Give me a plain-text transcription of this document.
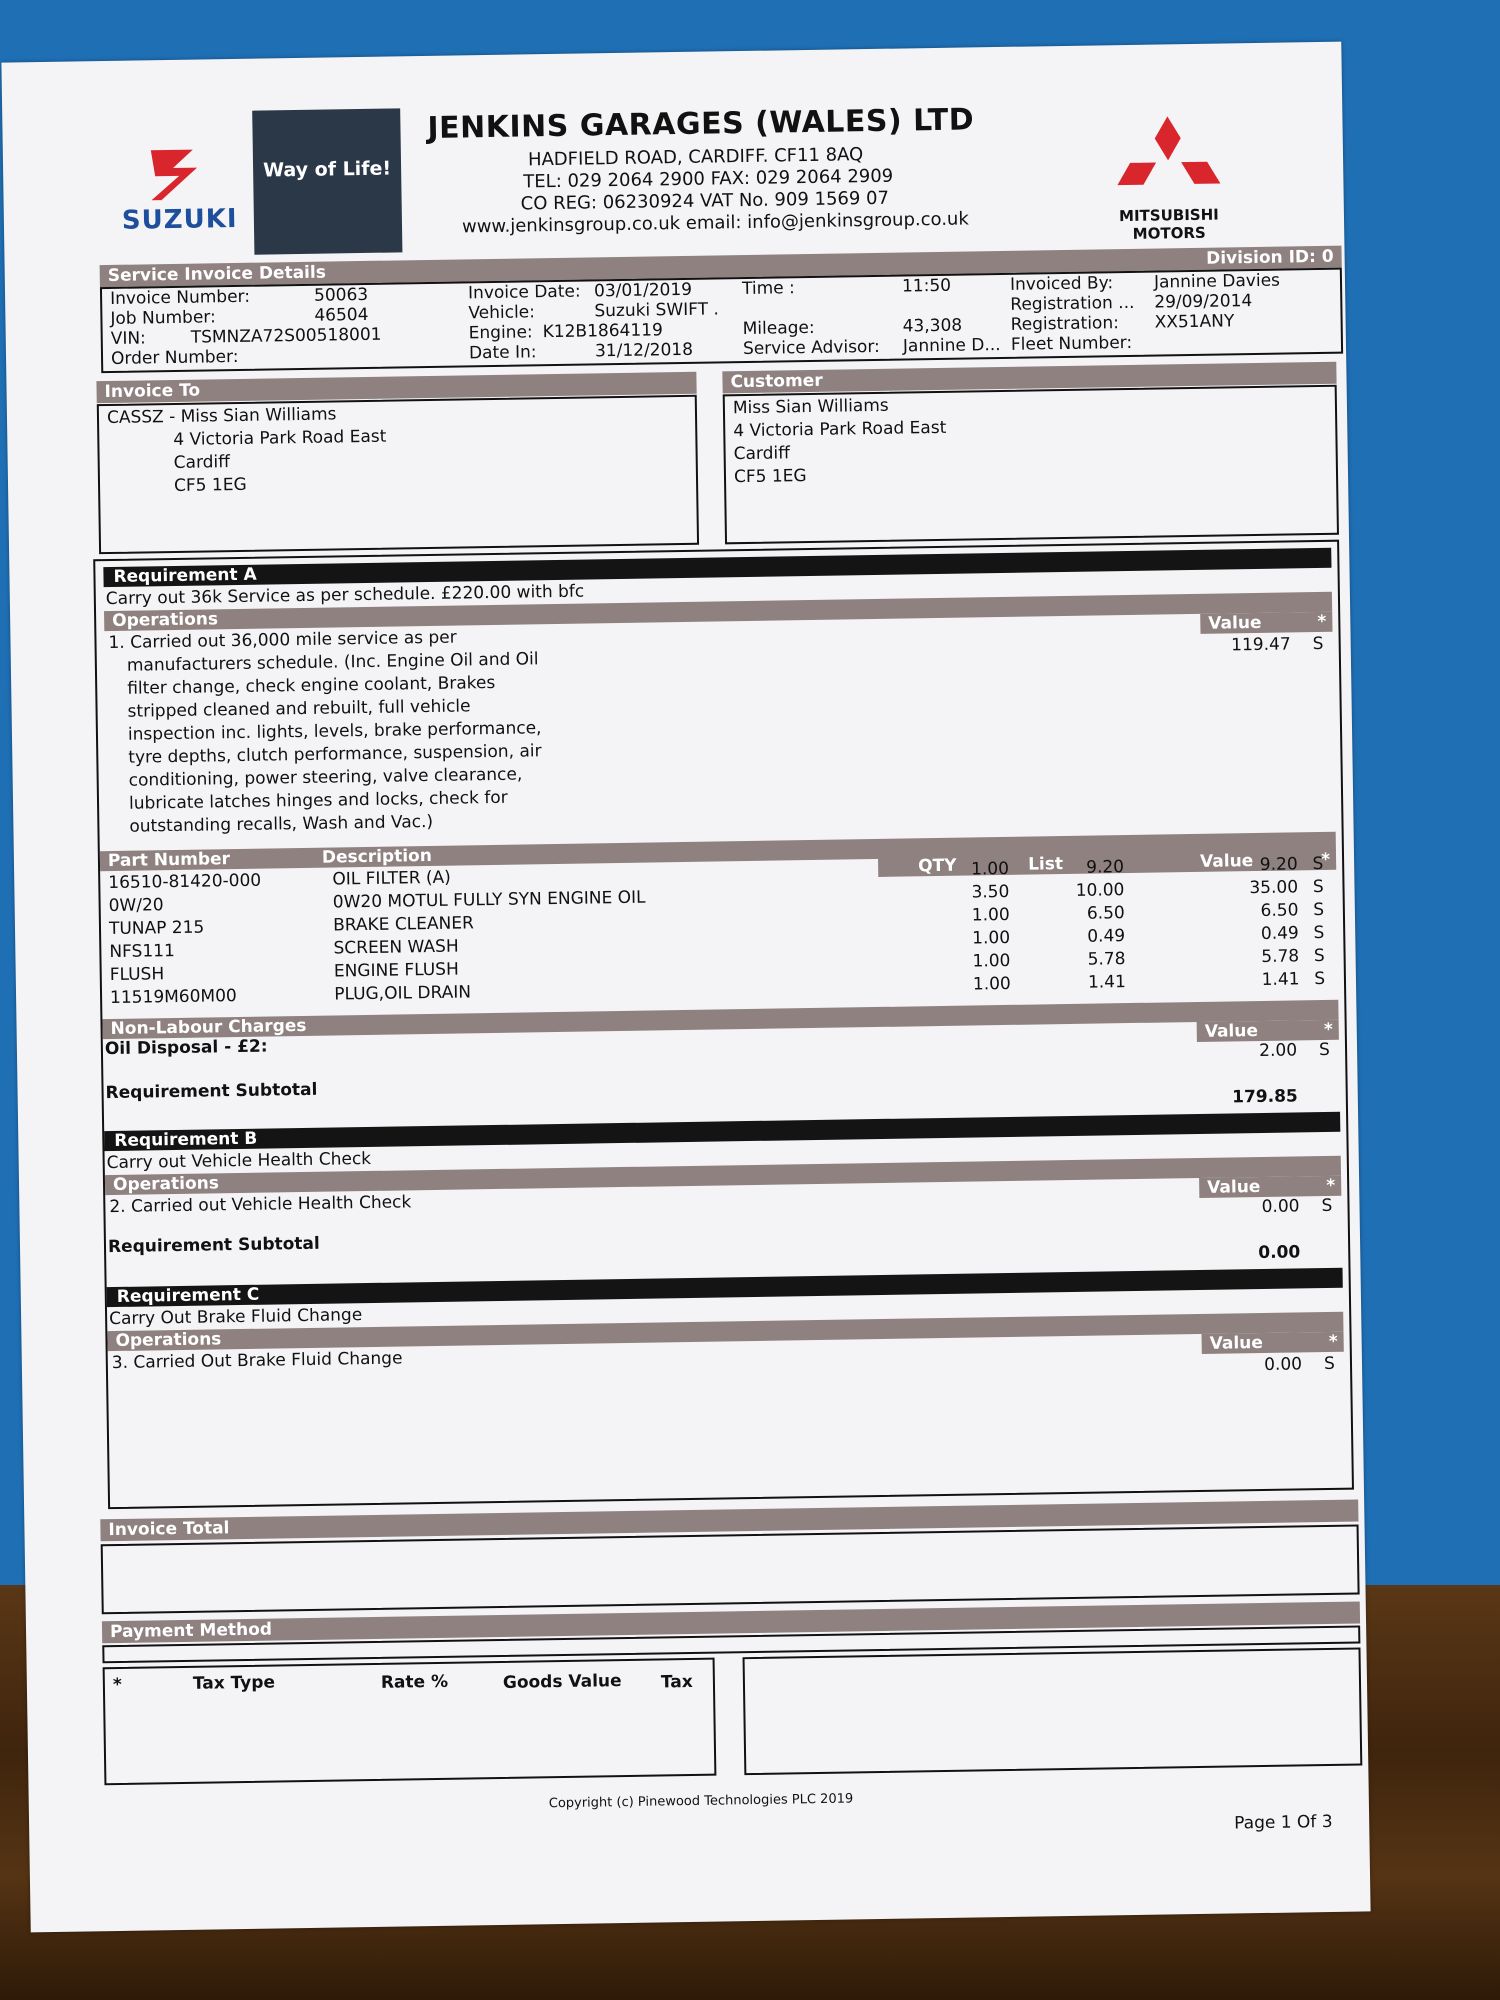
SUZUKI
Way of Life!
JENKINS GARAGES (WALES) LTD
HADFIELD ROAD, CARDIFF. CF11 8AQ
TEL: 029 2064 2900 FAX: 029 2064 2909
CO REG: 06230924 VAT No. 909 1569 07
www.jenkinsgroup.co.uk email: info@jenkinsgroup.co.uk	MITSUBISHI
MOTORS
Service Invoice Details
Division ID: 0
Invoice Number:	50063
Job Number:	46504
VIN:	TSMNZA72S00518001
Order Number:
Invoice Date: 03/01/2019
Vehicle:	Suzuki SWIFT .
Engine: K12B1864119
Date In:	31/12/2018
Time :	11:50
Mileage:	43,308
Service Advisor: Jannine D...
Invoiced By: Jannine Davies
Registration ... 29/09/2014
Registration: XX51ANY
Fleet Number:
Invoice To
CASSZ - Miss Sian Williams
4 Victoria Park Road East
Cardiff
CF5 1EG
Customer
Miss Sian Williams
4 Victoria Park Road East
Cardiff
CF5 1EG
Requirement A
Carry out 36k Service as per schedule. £220.00 with bfc
Operations	Value	*
1. Carried out 36,000 mile service as per
manufacturers schedule. (Inc. Engine Oil and Oil
filter change, check engine coolant, Brakes
stripped cleaned and rebuilt, full vehicle
inspection inc. lights, levels, brake performance,
tyre depths, clutch performance, suspension, air
conditioning, power steering, valve clearance,
lubricate latches hinges and locks, check for
outstanding recalls, Wash and Vac.)
119.47 S
Part Number	Description	QTY	List	Value	*
16510-81420-000	OIL FILTER (A)	1.00	9.20	9.20	S
0W/20	0W20 MOTUL FULLY SYN ENGINE OIL	3.50	10.00	35.00	S
TUNAP 215	BRAKE CLEANER	1.00	6.50	6.50	S
NFS111	SCREEN WASH	1.00	0.49	0.49	S
FLUSH	ENGINE FLUSH	1.00	5.78	5.78	S
11519M60M00	PLUG,OIL DRAIN	1.00	1.41	1.41	S
Non-Labour Charges	Value	*
Oil Disposal - £2:	2.00 S
Requirement Subtotal	179.85
Requirement B
Carry out Vehicle Health Check
Operations	Value	*
2. Carried out Vehicle Health Check	0.00 S
Requirement Subtotal	0.00
Requirement C
Carry Out Brake Fluid Change
Operations	Value	*
3. Carried Out Brake Fluid Change	0.00 S
Invoice Total
Payment Method
*	Tax Type	Rate %	Goods Value Tax
Copyright (c) Pinewood Technologies PLC 2019
Page 1 Of 3
